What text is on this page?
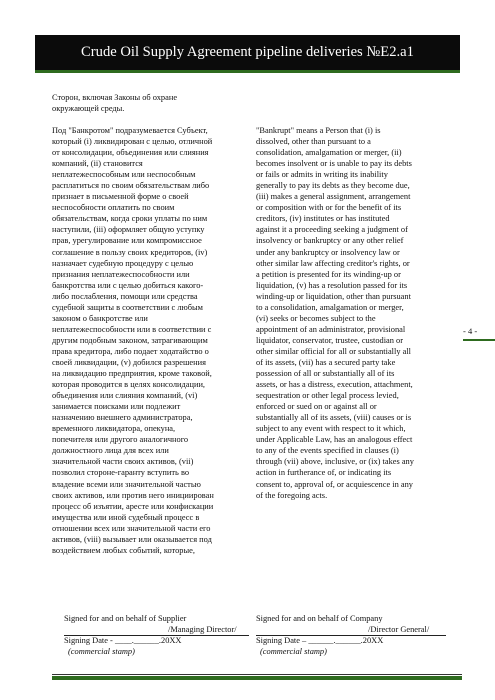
Crude Oil Supply Agreement pipeline deliveries №E2.a1
Сторон, включая Законы об охране
окружающей среды.
Под "Банкротом" подразумевается Субъект,
который (i) ликвидирован с целью, отличной
от консолидации, объединения или слияния
компаний, (ii) становится
неплатежеспособным или неспособным
расплатиться по своим обязательствам либо
признает в письменной форме о своей
неспособности оплатить по своим
обязательствам, когда сроки уплаты по ним
наступили, (iii) оформляет общую уступку
прав, урегулирование или компромиссное
соглашение в пользу своих кредиторов, (iv)
назначает судебную процедуру с целью
признания неплатежеспособности или
банкротства или с целью добиться какого-
либо послабления, помощи или средства
судебной защиты в соответствии с любым
законом о банкротстве или
неплатежеспособности или в соответствии с
другим подобным законом, затрагивающим
права кредитора, либо подает ходатайство о
своей ликвидации, (v) добился разрешения
на ликвидацию предприятия, кроме таковой,
которая проводится в целях консолидации,
объединения или слияния компаний, (vi)
занимается поисками или подлежит
назначению внешнего администратора,
временного ликвидатора, опекуна,
попечителя или другого аналогичного
должностного лица для всех или
значительной части своих активов, (vii)
позволил стороне-гаранту вступить во
владение всеми или значительной частью
своих активов, или против него инициирован
процесс об изъятии, аресте или конфискации
имущества или иной судебный процесс в
отношении всех или значительной части его
активов, (viii) вызывает или оказывается под
воздействием любых событий, которые,
"Bankrupt" means a Person that (i) is
dissolved, other than pursuant to a
consolidation, amalgamation or merger, (ii)
becomes insolvent or is unable to pay its debts
or fails or admits in writing its inability
generally to pay its debts as they become due,
(iii) makes a general assignment, arrangement
or composition with or for the benefit of its
creditors, (iv) institutes or has instituted
against it a proceeding seeking a judgment of
insolvency or bankruptcy or any other relief
under any bankruptcy or insolvency law or
other similar law affecting creditor's rights, or
a petition is presented for its winding-up or
liquidation, (v) has a resolution passed for its
winding-up or liquidation, other than pursuant
to a consolidation, amalgamation or merger,
(vi) seeks or becomes subject to the
appointment of an administrator, provisional
liquidator, conservator, trustee, custodian or
other similar official for all or substantially all
of its assets, (vii) has a secured party take
possession of all or substantially all of its
assets, or has a distress, execution, attachment,
sequestration or other legal process levied,
enforced or sued on or against all or
substantially all of its assets, (viii) causes or is
subject to any event with respect to it which,
under Applicable Law, has an analogous effect
to any of the events specified in clauses (i)
through (vii) above, inclusive, or (ix) takes any
action in furtherance of, or indicating its
consent to, approval of, or acquiescence in any
of the foregoing acts.
- 4 -
Signed for and on behalf of Supplier
/Managing Director/
Signing Date - ____.______.20XX
(commercial stamp)
Signed for and on behalf of Company
/Director General/
Signing Date – ______.______.20XX
(commercial stamp)
